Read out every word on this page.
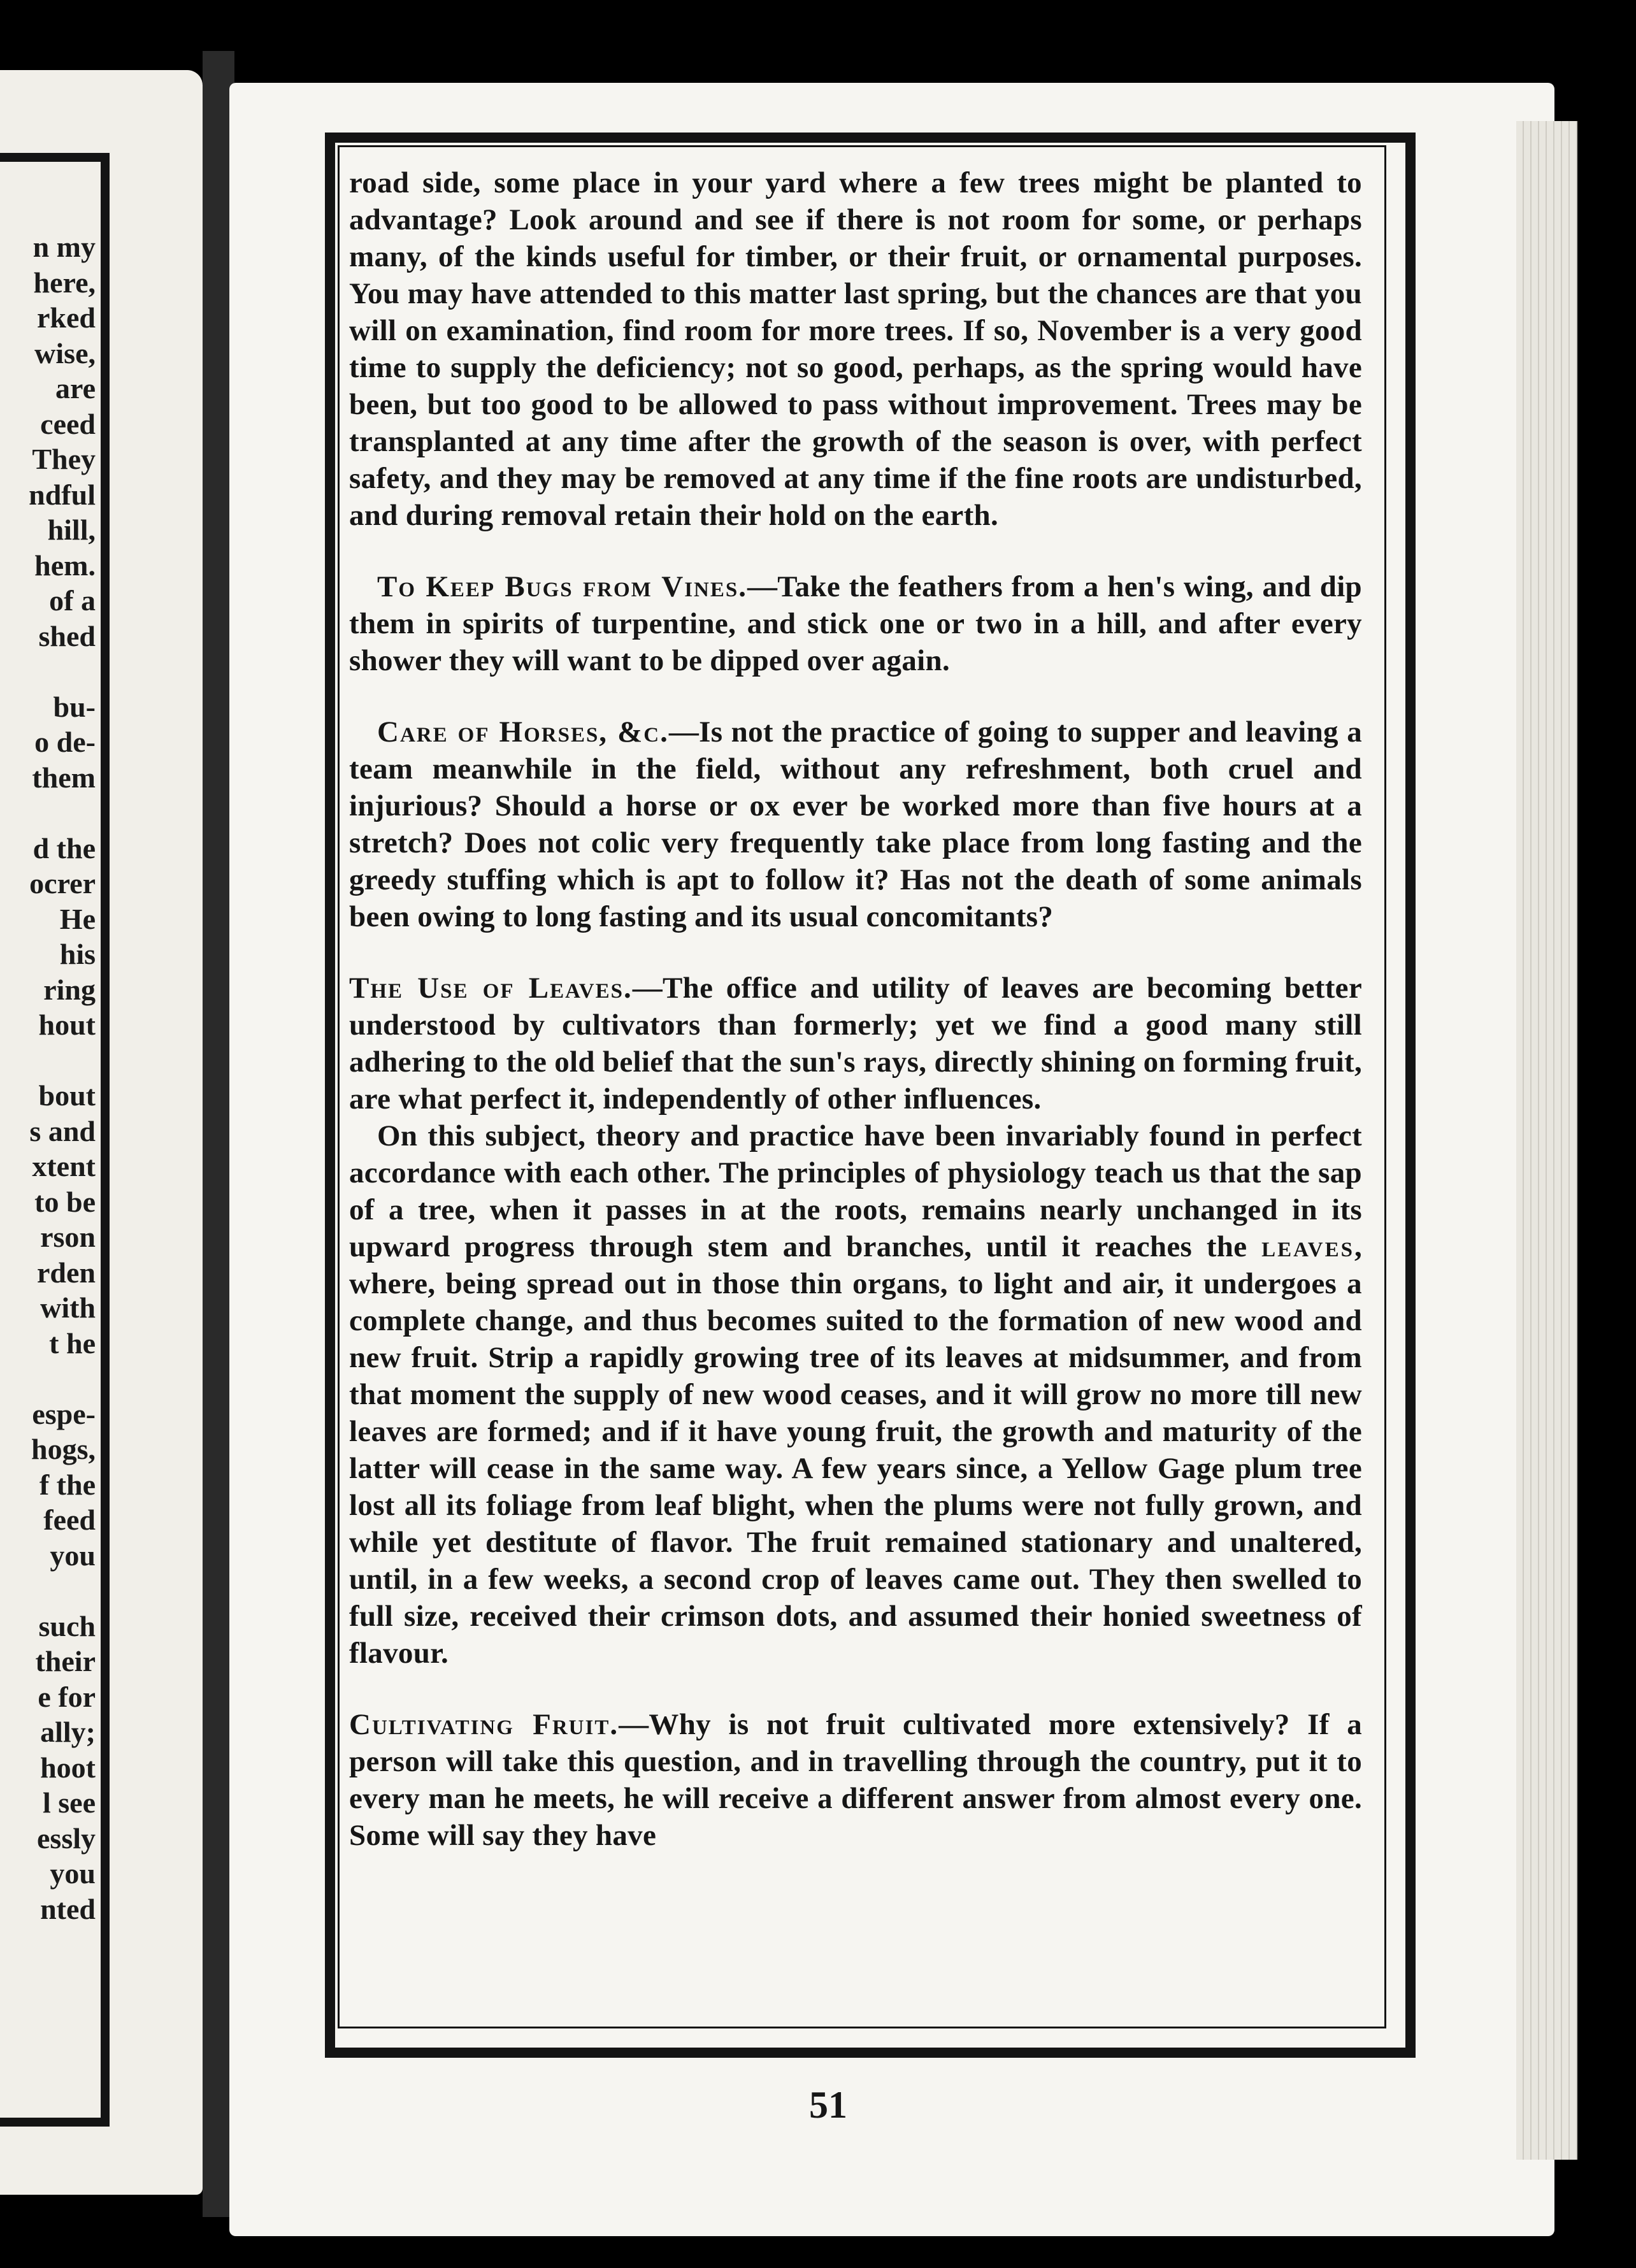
n my
here,
rked
wise,
are
ceed
They
ndful
hill,
hem.
of a
shed
bu-
o de-
them
d the
ocrer
He
his
ring
hout
bout
s and
xtent
to be
rson
rden
with
t he
espe-
hogs,
f the
feed
you
such
their
e for
ally;
hoot
l see
essly
you
nted

road side, some place in your yard where a few trees might be planted to advantage? Look around and see if there is not room for some, or perhaps many, of the kinds useful for timber, or their fruit, or ornamental purposes. You may have attended to this matter last spring, but the chances are that you will on examination, find room for more trees. If so, November is a very good time to supply the deficiency; not so good, perhaps, as the spring would have been, but too good to be allowed to pass without improvement. Trees may be transplanted at any time after the growth of the season is over, with perfect safety, and they may be removed at any time if the fine roots are undisturbed, and during removal retain their hold on the earth.

To Keep Bugs from Vines.—Take the feathers from a hen's wing, and dip them in spirits of turpentine, and stick one or two in a hill, and after every shower they will want to be dipped over again.

Care of Horses, &c.—Is not the practice of going to supper and leaving a team meanwhile in the field, without any refreshment, both cruel and injurious? Should a horse or ox ever be worked more than five hours at a stretch? Does not colic very frequently take place from long fasting and the greedy stuffing which is apt to follow it? Has not the death of some animals been owing to long fasting and its usual concomitants?

The Use of Leaves.—The office and utility of leaves are becoming better understood by cultivators than formerly; yet we find a good many still adhering to the old belief that the sun's rays, directly shining on forming fruit, are what perfect it, independently of other influences.

On this subject, theory and practice have been invariably found in perfect accordance with each other. The principles of physiology teach us that the sap of a tree, when it passes in at the roots, remains nearly unchanged in its upward progress through stem and branches, until it reaches the leaves, where, being spread out in those thin organs, to light and air, it undergoes a complete change, and thus becomes suited to the formation of new wood and new fruit. Strip a rapidly growing tree of its leaves at midsummer, and from that moment the supply of new wood ceases, and it will grow no more till new leaves are formed; and if it have young fruit, the growth and maturity of the latter will cease in the same way. A few years since, a Yellow Gage plum tree lost all its foliage from leaf blight, when the plums were not fully grown, and while yet destitute of flavor. The fruit remained stationary and unaltered, until, in a few weeks, a second crop of leaves came out. They then swelled to full size, received their crimson dots, and assumed their honied sweetness of flavour.

Cultivating Fruit.—Why is not fruit cultivated more extensively? If a person will take this question, and in travelling through the country, put it to every man he meets, he will receive a different answer from almost every one. Some will say they have

51
